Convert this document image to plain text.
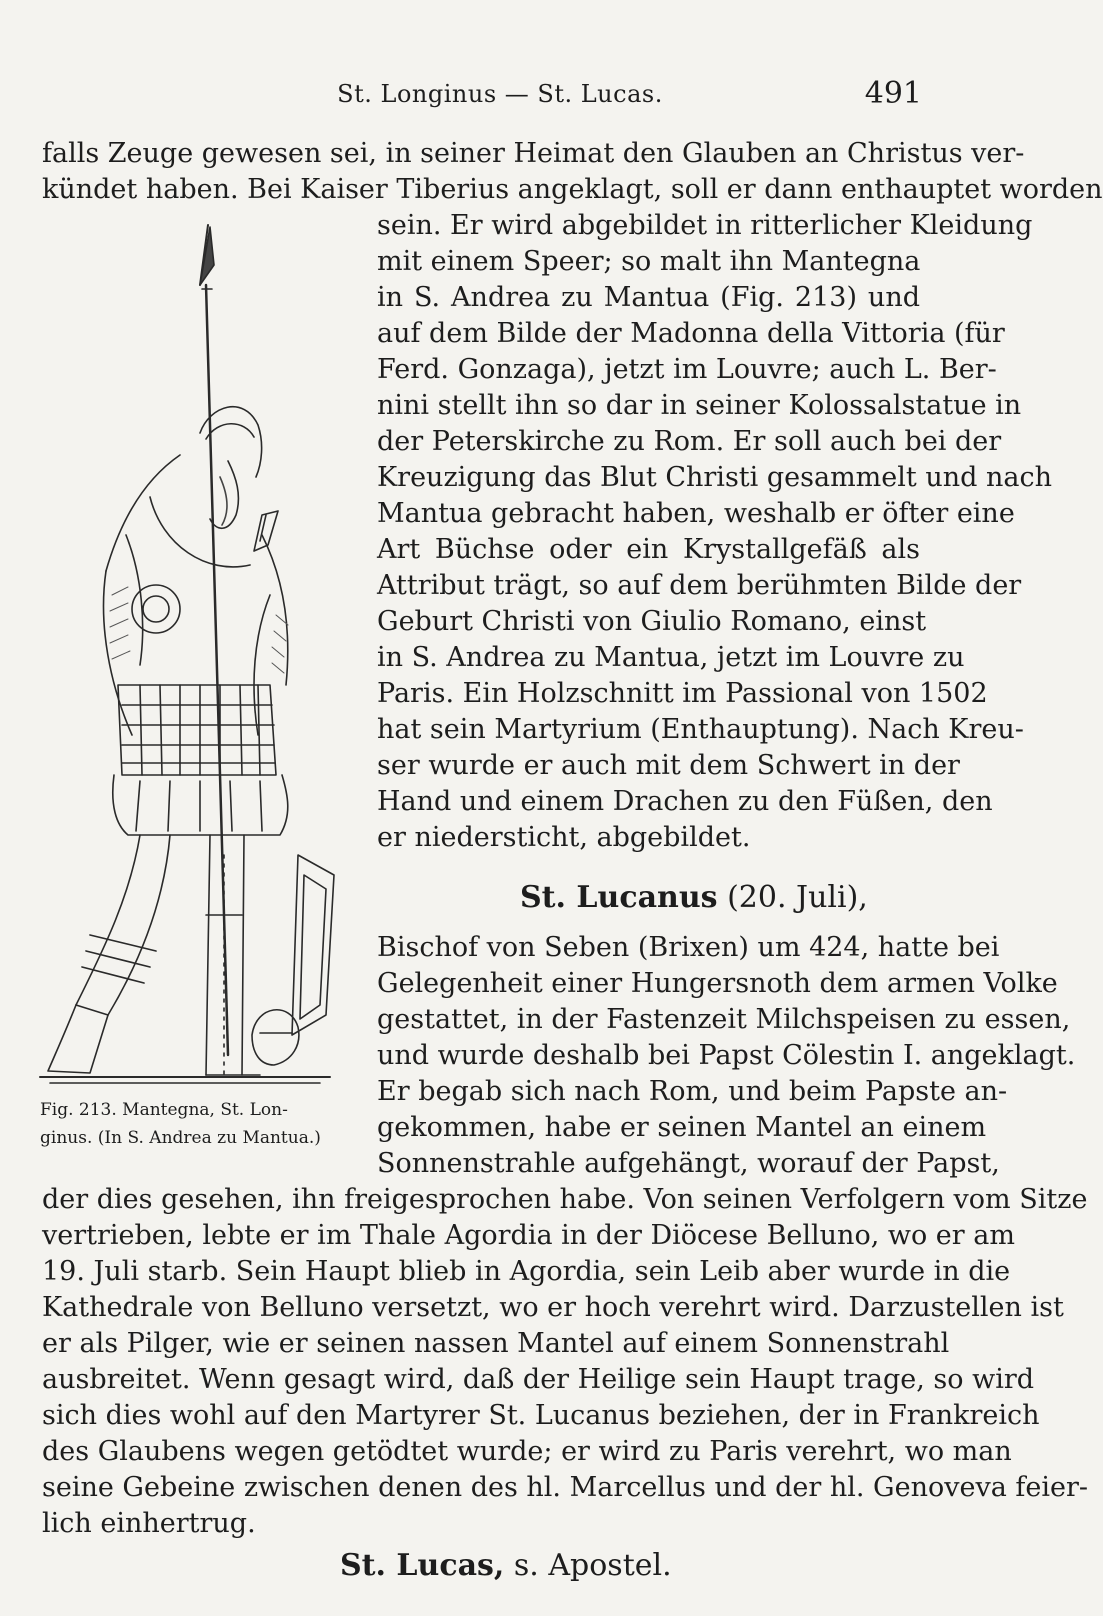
St. Longinus — St. Lucas.	491
falls Zeuge gewesen sei, in seiner Heimat den Glauben an Christus ver-
kündet haben. Bei Kaiser Tiberius angeklagt, soll er dann enthauptet worden
sein. Er wird abgebildet in ritterlicher Kleidung
mit einem Speer; so malt ihn Mantegna
in S. Andrea zu Mantua (Fig. 213) und
auf dem Bilde der Madonna della Vittoria (für
Ferd. Gonzaga), jetzt im Louvre; auch L. Ber-
nini stellt ihn so dar in seiner Kolossalstatue in
der Peterskirche zu Rom. Er soll auch bei der
Kreuzigung das Blut Christi gesammelt und nach
Mantua gebracht haben, weshalb er öfter eine
Art Büchse oder ein Krystallgefäß als
Attribut trägt, so auf dem berühmten Bilde der
Geburt Christi von Giulio Romano, einst
in S. Andrea zu Mantua, jetzt im Louvre zu
Paris. Ein Holzschnitt im Passional von 1502
hat sein Martyrium (Enthauptung). Nach Kreu-
ser wurde er auch mit dem Schwert in der
Hand und einem Drachen zu den Füßen, den
er niedersticht, abgebildet.
St. Lucanus (20. Juli),
Bischof von Seben (Brixen) um 424, hatte bei
Gelegenheit einer Hungersnoth dem armen Volke
gestattet, in der Fastenzeit Milchspeisen zu essen,
und wurde deshalb bei Papst Cölestin I. angeklagt.
Er begab sich nach Rom, und beim Papste an-
gekommen, habe er seinen Mantel an einem
Sonnenstrahle aufgehängt, worauf der Papst,
der dies gesehen, ihn freigesprochen habe. Von seinen Verfolgern vom Sitze
vertrieben, lebte er im Thale Agordia in der Diöcese Belluno, wo er am
19. Juli starb. Sein Haupt blieb in Agordia, sein Leib aber wurde in die
Kathedrale von Belluno versetzt, wo er hoch verehrt wird. Darzustellen ist
er als Pilger, wie er seinen nassen Mantel auf einem Sonnenstrahl
ausbreitet. Wenn gesagt wird, daß der Heilige sein Haupt trage, so wird
sich dies wohl auf den Martyrer St. Lucanus beziehen, der in Frankreich
des Glaubens wegen getödtet wurde; er wird zu Paris verehrt, wo man
seine Gebeine zwischen denen des hl. Marcellus und der hl. Genoveva feier-
lich einhertrug.
St. Lucas, s. Apostel.
Fig. 213. Mantegna, St. Lon-
ginus. (In S. Andrea zu Mantua.)
